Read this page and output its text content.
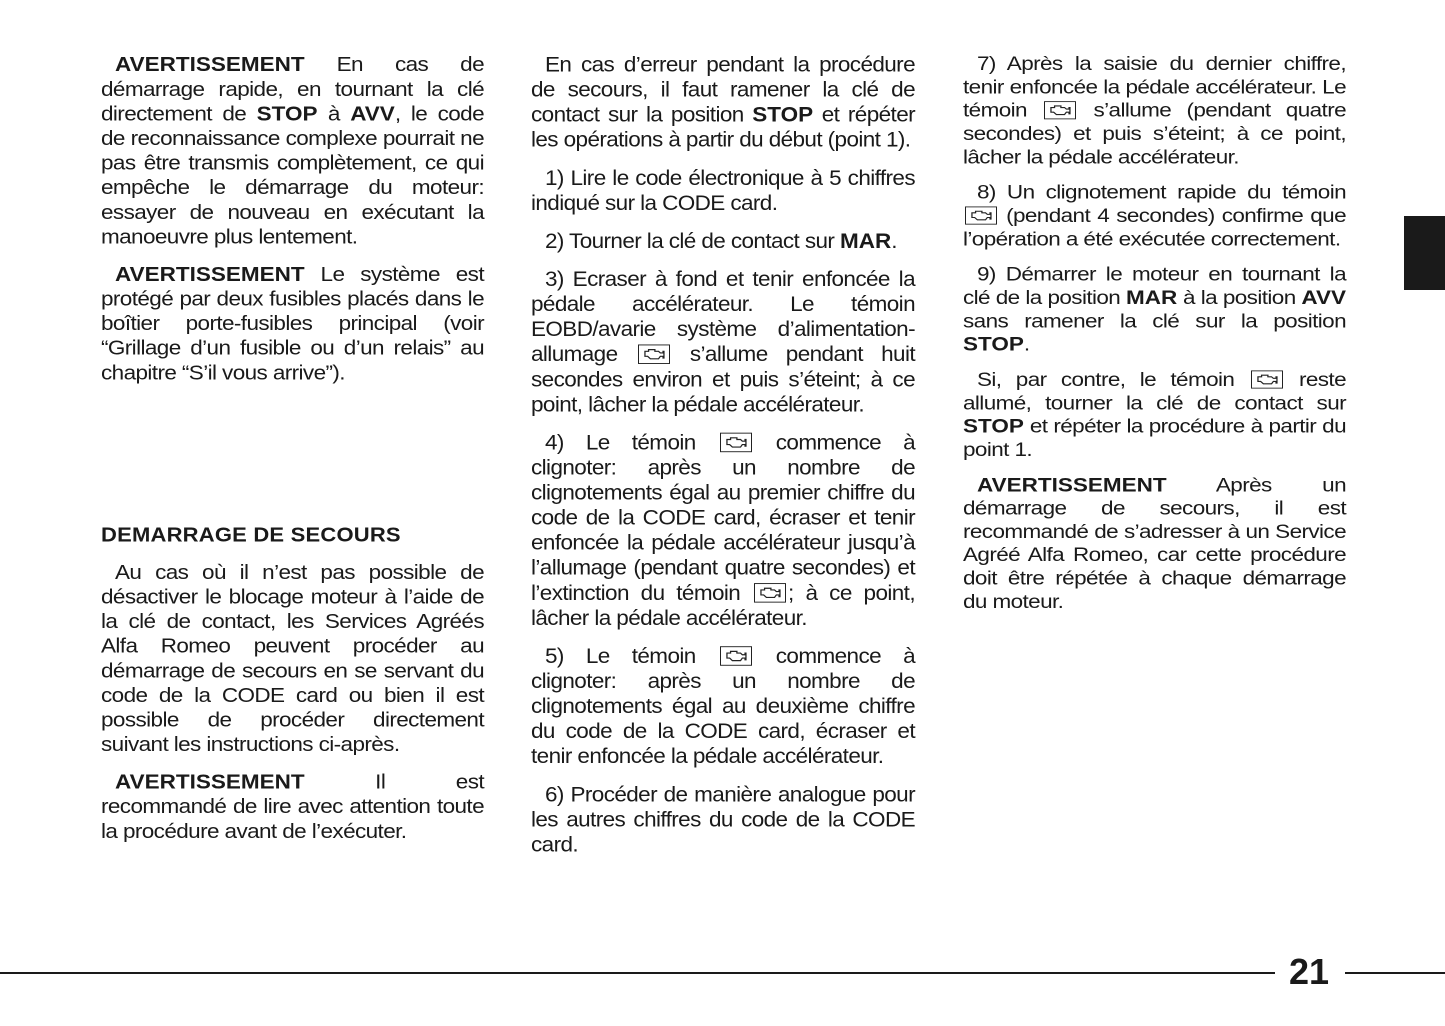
AVERTISSEMENT En cas de démarrage rapide, en tournant la clé directement de STOP à AVV, le code de reconnaissance complexe pourrait ne pas être transmis complètement, ce qui empêche le démarrage du moteur: essayer de nouveau en exécutant la manoeuvre plus lentement.

AVERTISSEMENT Le système est protégé par deux fusibles placés dans le boîtier porte-fusibles principal (voir “Grillage d’un fusible ou d’un relais” au chapitre “S’il vous arrive”).

DEMARRAGE DE SECOURS

Au cas où il n’est pas possible de désactiver le blocage moteur à l’aide de la clé de contact, les Services Agréés Alfa Romeo peuvent procéder au démarrage de secours en se servant du code de la CODE card ou bien il est possible de procéder directement suivant les instructions ci-après.

AVERTISSEMENT Il est recommandé de lire avec attention toute la procédure avant de l’exécuter.

En cas d’erreur pendant la procédure de secours, il faut ramener la clé de contact sur la position STOP et répéter les opérations à partir du début (point 1).

1) Lire le code électronique à 5 chiffres indiqué sur la CODE card.

2) Tourner la clé de contact sur MAR.

3) Ecraser à fond et tenir enfoncée la pédale accélérateur. Le témoin EOBD/avarie système d’alimentation-allumage
s’allume pendant huit secondes environ et puis s’éteint; à ce point, lâcher la pédale accélérateur.

4) Le témoin
commence à clignoter: après un nombre de clignotements égal au premier chiffre du code de la CODE card, écraser et tenir enfoncée la pédale accélérateur jusqu’à l’allumage (pendant quatre secondes) et l’extinction du témoin
; à ce point, lâcher la pédale accélérateur.

5) Le témoin
commence à clignoter: après un nombre de clignotements égal au deuxième chiffre du code de la CODE card, écraser et tenir enfoncée la pédale accélérateur.

6) Procéder de manière analogue pour les autres chiffres du code de la CODE card.

7) Après la saisie du dernier chiffre, tenir enfoncée la pédale accélérateur. Le témoin
s’allume (pendant quatre secondes) et puis s’éteint; à ce point, lâcher la pédale accélérateur.

8) Un clignotement rapide du témoin
(pendant 4 secondes) confirme que l’opération a été exécutée correctement.

9) Démarrer le moteur en tournant la clé de la position MAR à la position AVV sans ramener la clé sur la position STOP.

Si, par contre, le témoin
reste allumé, tourner la clé de contact sur STOP et répéter la procédure à partir du point 1.

AVERTISSEMENT Après un démarrage de secours, il est recommandé de s’adresser à un Service Agréé Alfa Romeo, car cette procédure doit être répétée à chaque démarrage du moteur.

21
